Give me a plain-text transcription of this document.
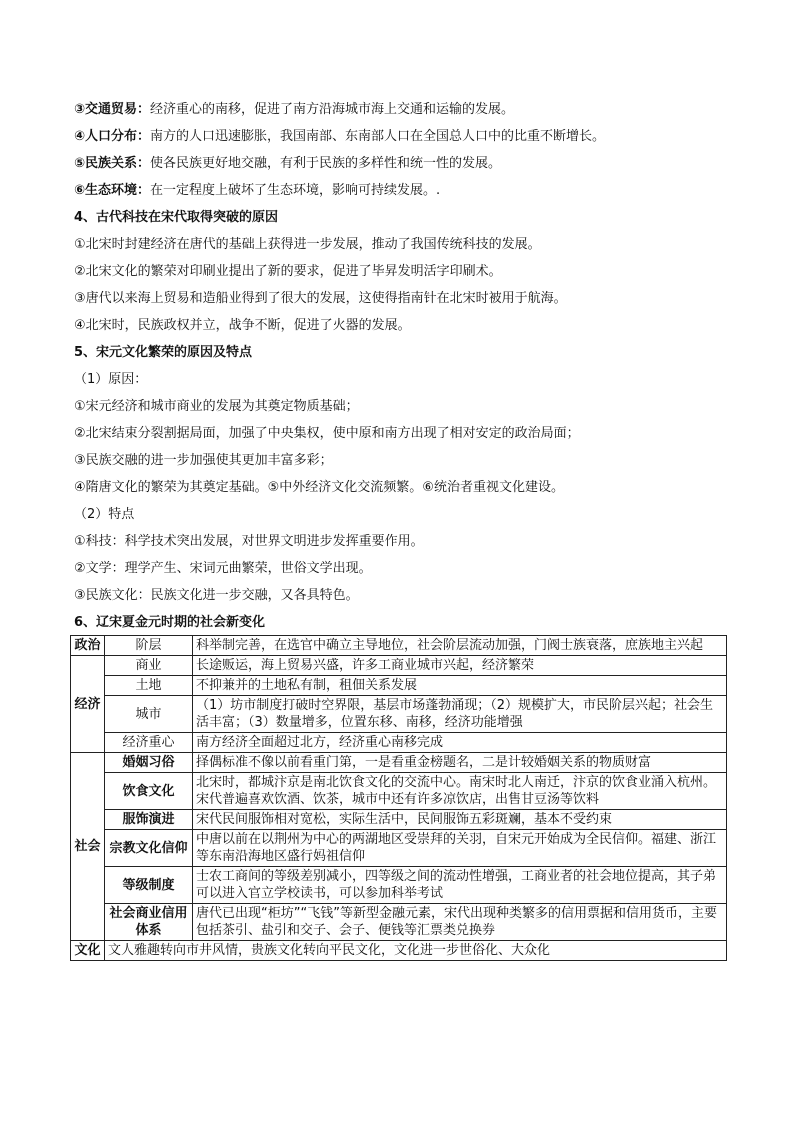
③交通贸易：经济重心的南移，促进了南方沿海城市海上交通和运输的发展。
④人口分布：南方的人口迅速膨胀，我国南部、东南部人口在全国总人口中的比重不断增长。
⑤民族关系：使各民族更好地交融，有利于民族的多样性和统一性的发展。
⑥生态环境：在一定程度上破坏了生态环境，影响可持续发展。.
4、古代科技在宋代取得突破的原因
①北宋时封建经济在唐代的基础上获得进一步发展，推动了我国传统科技的发展。
②北宋文化的繁荣对印刷业提出了新的要求，促进了毕昇发明活字印刷术。
③唐代以来海上贸易和造船业得到了很大的发展，这使得指南针在北宋时被用于航海。
④北宋时，民族政权并立，战争不断，促进了火器的发展。
5、宋元文化繁荣的原因及特点
（1）原因：
①宋元经济和城市商业的发展为其奠定物质基础；
②北宋结束分裂割据局面，加强了中央集权，使中原和南方出现了相对安定的政治局面；
③民族交融的进一步加强使其更加丰富多彩；
④隋唐文化的繁荣为其奠定基础。⑤中外经济文化交流频繁。⑥统治者重视文化建设。
（2）特点
①科技：科学技术突出发展，对世界文明进步发挥重要作用。
②文学：理学产生、宋词元曲繁荣，世俗文学出现。
③民族文化：民族文化进一步交融，又各具特色。
6、辽宋夏金元时期的社会新变化
政治	阶层	科举制完善，在选官中确立主导地位，社会阶层流动加强，门阀士族衰落，庶族地主兴起
经济	商业	长途贩运，海上贸易兴盛，许多工商业城市兴起，经济繁荣
	土地	不抑兼并的土地私有制，租佃关系发展
	城市	（1）坊市制度打破时空界限，基层市场蓬勃涌现；（2）规模扩大，市民阶层兴起；社会生活丰富；（3）数量增多，位置东移、南移，经济功能增强
	经济重心	南方经济全面超过北方，经济重心南移完成
社会	婚姻习俗	择偶标准不像以前看重门第，一是看重金榜题名，二是计较婚姻关系的物质财富
	饮食文化	北宋时，都城汴京是南北饮食文化的交流中心。南宋时北人南迁，汴京的饮食业涌入杭州。宋代普遍喜欢饮酒、饮茶，城市中还有许多凉饮店，出售甘豆汤等饮料
	服饰演进	宋代民间服饰相对宽松，实际生活中，民间服饰五彩斑斓，基本不受约束
	宗教文化信仰	中唐以前在以荆州为中心的两湖地区受崇拜的关羽，自宋元开始成为全民信仰。福建、浙江等东南沿海地区盛行妈祖信仰
	等级制度	士农工商间的等级差别减小，四等级之间的流动性增强，工商业者的社会地位提高，其子弟可以进入官立学校读书，可以参加科举考试
	社会商业信用体系	唐代已出现“柜坊”“飞钱”等新型金融元素，宋代出现种类繁多的信用票据和信用货币，主要包括茶引、盐引和交子、会子、便钱等汇票类兑换券
文化	文人雅趣转向市井风情，贵族文化转向平民文化，文化进一步世俗化、大众化	
